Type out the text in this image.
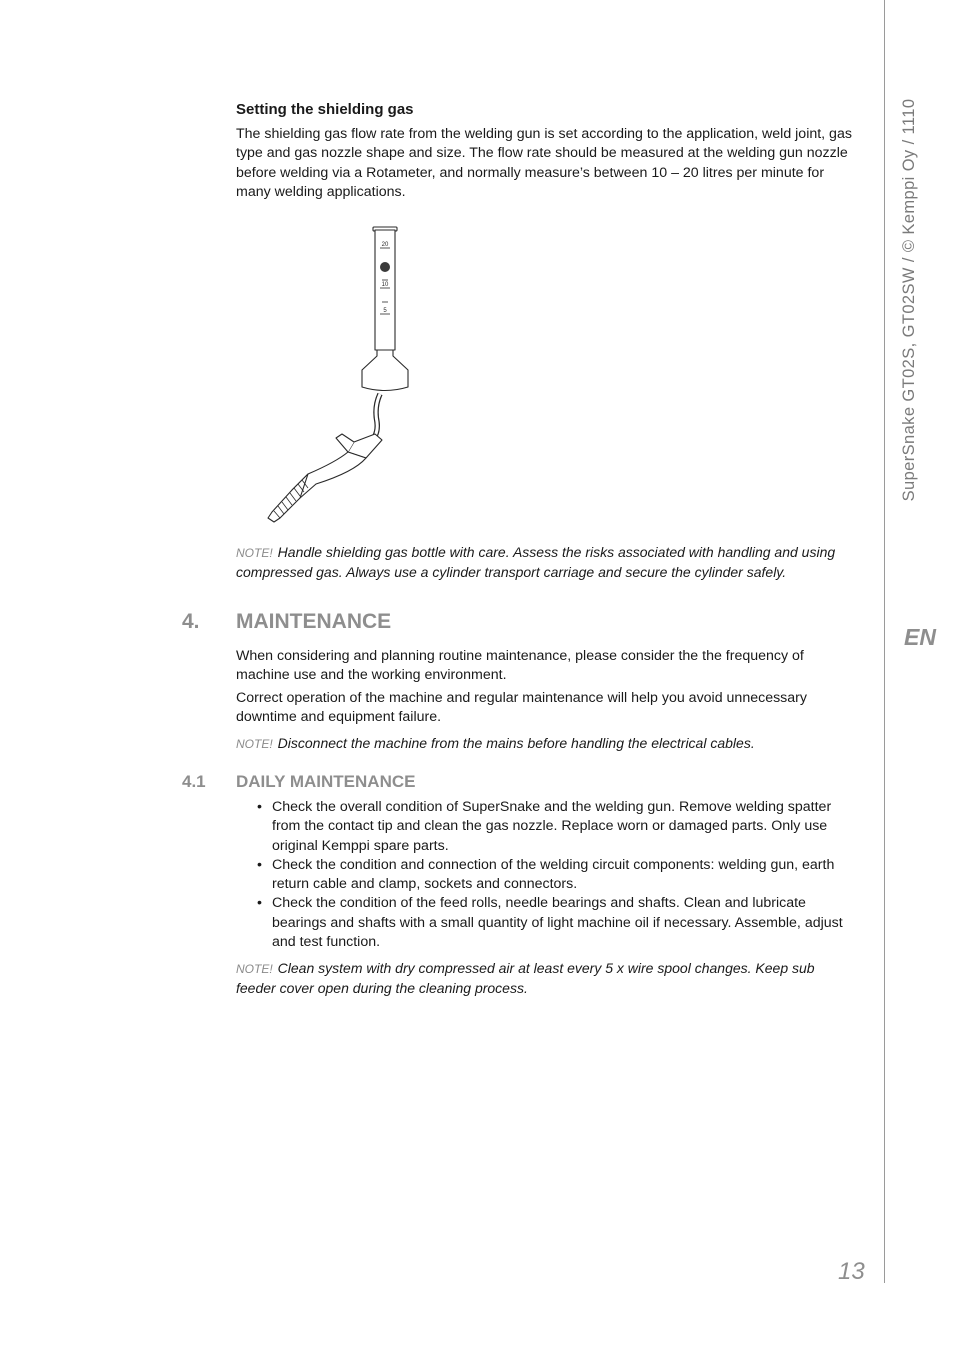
Setting the shielding gas

The shielding gas flow rate from the welding gun is set according to the application, weld joint, gas type and gas nozzle shape and size. The flow rate should be measured at the welding gun nozzle before welding via a Rotameter, and normally measure’s between 10 – 20 litres per minute for many welding applications.

20
10
5

NOTE! Handle shielding gas bottle with care. Assess the risks associated with handling and using compressed gas. Always use a cylinder transport carriage and secure the cylinder safely.

4. MAINTENANCE

When considering and planning routine maintenance, please consider the the frequency of machine use and the working environment.

Correct operation of the machine and regular maintenance will help you avoid unnecessary downtime and equipment failure.

NOTE! Disconnect the machine from the mains before handling the electrical cables.

4.1 DAILY MAINTENANCE
• Check the overall condition of SuperSnake and the welding gun. Remove welding spatter from the contact tip and clean the gas nozzle. Replace worn or damaged parts. Only use original Kemppi spare parts.
• Check the condition and connection of the welding circuit components: welding gun, earth return cable and clamp, sockets and connectors.
• Check the condition of the feed rolls, needle bearings and shafts. Clean and lubricate bearings and shafts with a small quantity of light machine oil if necessary. Assemble, adjust and test function.

NOTE! Clean system with dry compressed air at least every 5 x wire spool changes. Keep sub feeder cover open during the cleaning process.

SuperSnake GT02S, GT02SW / © Kemppi Oy / 1110
EN
13
